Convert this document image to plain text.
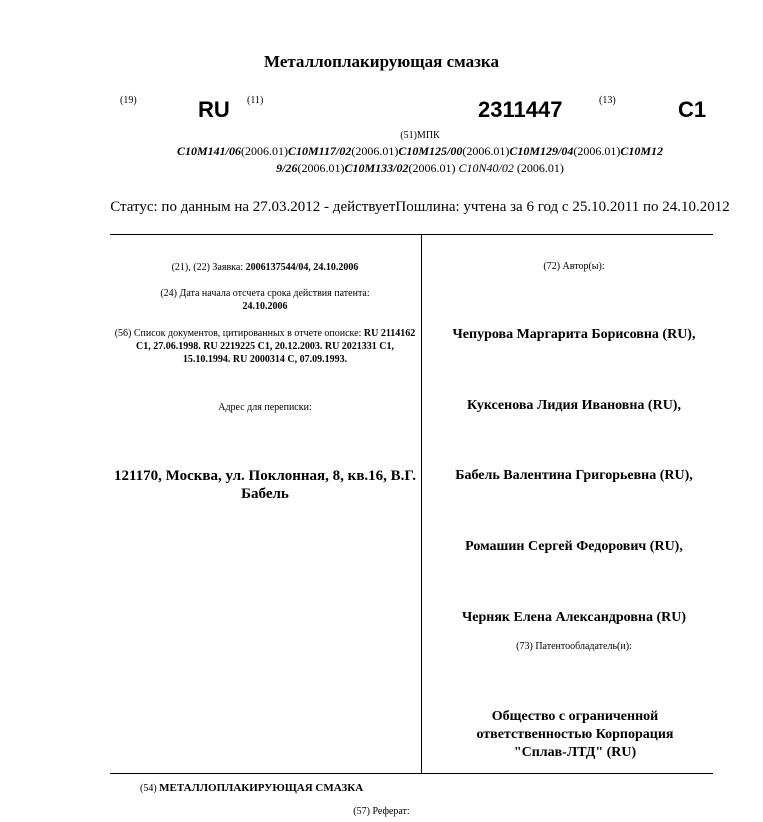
Металлоплакирующая смазка
(19)	RU (11)	2311447	(13)	C1
(51)МПК
C10M141/06(2006.01)C10M117/02(2006.01)C10M125/00(2006.01)C10M129/04(2006.01)C10M12
9/26(2006.01)C10M133/02(2006.01) C10N40/02 (2006.01)
Статус: по данным на 27.03.2012 - действуетПошлина: учтена за 6 год с 25.10.2011 по 24.10.2012
(21), (22) Заявка: 2006137544/04, 24.10.2006
(24) Дата начала отсчета срока действия патента:
24.10.2006
(56) Список документов, цитированных в отчете опоиске: RU 2114162 C1, 27.06.1998. RU 2219225 C1, 20.12.2003. RU 2021331 C1, 15.10.1994. RU 2000314 C, 07.09.1993.
Адрес для переписки:
121170, Москва, ул. Поклонная, 8, кв.16, В.Г. Бабель
(72) Автор(ы):
Чепурова Маргарита Борисовна (RU),
Куксенова Лидия Ивановна (RU),
Бабель Валентина Григорьевна (RU),
Ромашин Сергей Федорович (RU),
Черняк Елена Александровна (RU)
(73) Патентообладатель(и):
Общество с ограниченной ответственностью Корпорация "Сплав-ЛТД" (RU)
(54) МЕТАЛЛОПЛАКИРУЮЩАЯ СМАЗКА
(57) Реферат:
